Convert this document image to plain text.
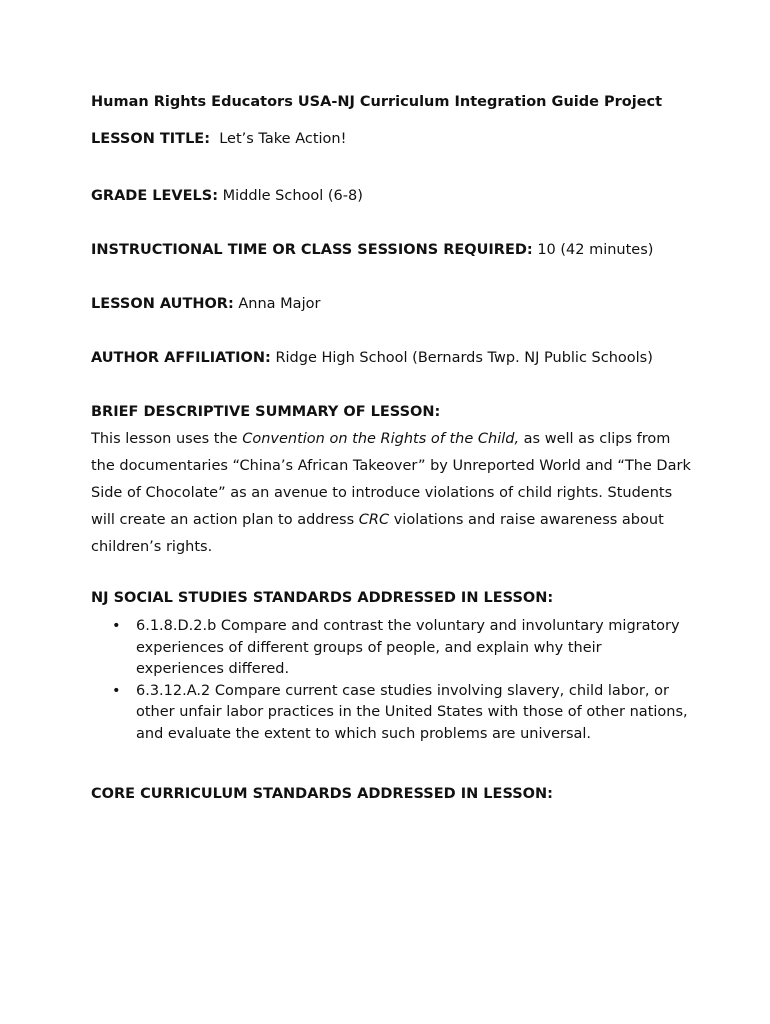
Human Rights Educators USA-NJ Curriculum Integration Guide Project
LESSON TITLE: Let’s Take Action!
GRADE LEVELS: Middle School (6-8)
INSTRUCTIONAL TIME OR CLASS SESSIONS REQUIRED: 10 (42 minutes)
LESSON AUTHOR: Anna Major
AUTHOR AFFILIATION: Ridge High School (Bernards Twp. NJ Public Schools)
BRIEF DESCRIPTIVE SUMMARY OF LESSON:
This lesson uses the Convention on the Rights of the Child, as well as clips from the documentaries “China’s African Takeover” by Unreported World and “The Dark Side of Chocolate” as an avenue to introduce violations of child rights. Students will create an action plan to address CRC violations and raise awareness about children’s rights.
NJ SOCIAL STUDIES STANDARDS ADDRESSED IN LESSON:
• 6.1.8.D.2.b Compare and contrast the voluntary and involuntary migratory experiences of different groups of people, and explain why their experiences differed.
• 6.3.12.A.2 Compare current case studies involving slavery, child labor, or other unfair labor practices in the United States with those of other nations, and evaluate the extent to which such problems are universal.
CORE CURRICULUM STANDARDS ADDRESSED IN LESSON:
